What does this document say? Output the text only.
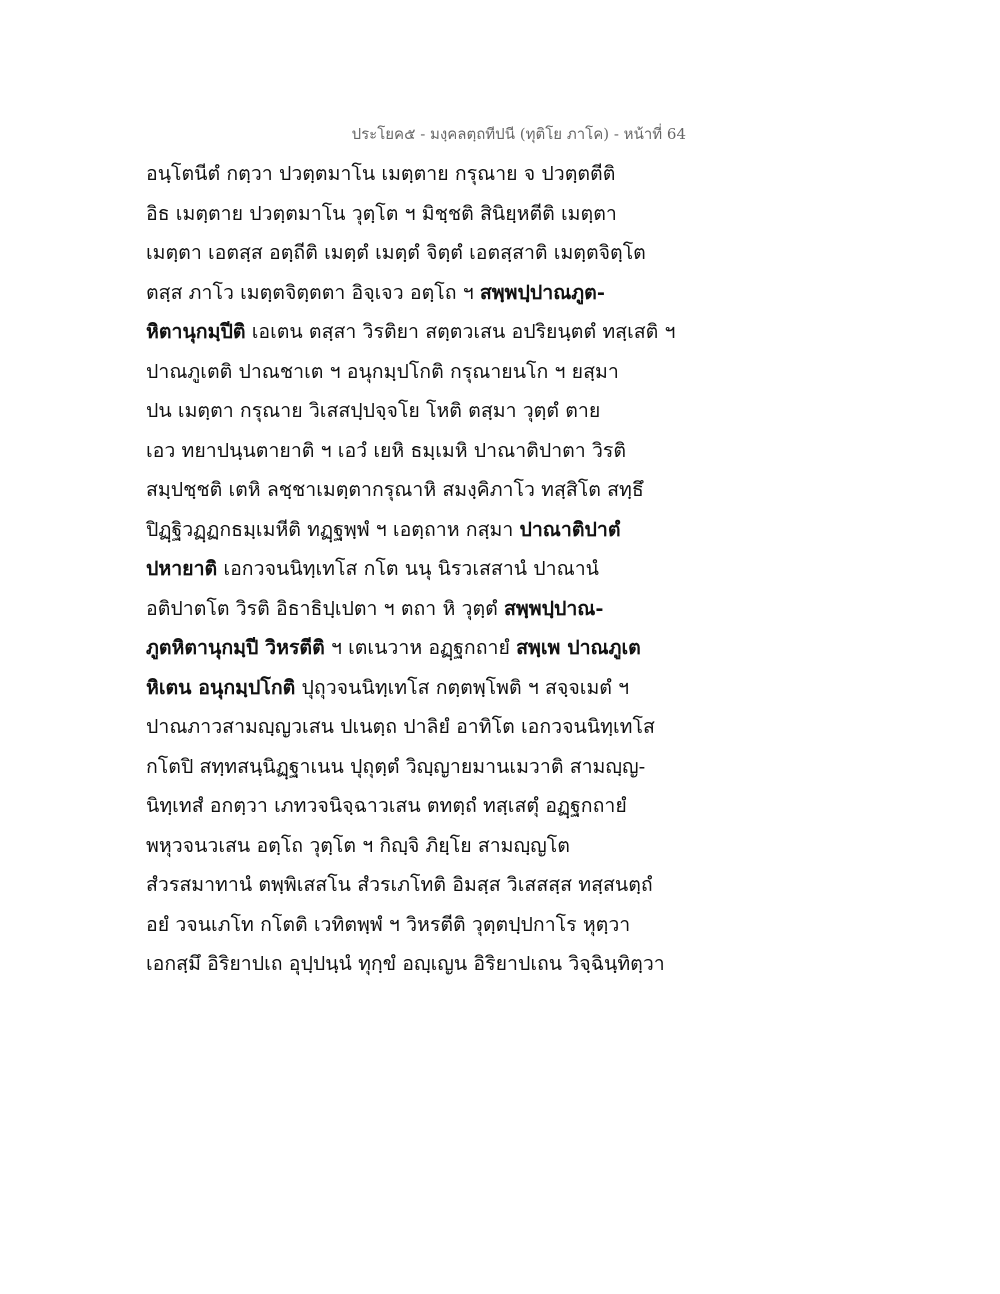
ประโยค๕ - มงฺคลตฺถทีปนี (ทุติโย ภาโค) - หน้าที่ 64
อนฺโตนีตํ กตฺวา ปวตฺตมาโน เมตฺตาย กรุณาย จ ปวตฺตตีติ
อิธ เมตฺตาย ปวตฺตมาโน วุตฺโต ฯ มิชฺชติ สินิยฺหตีติ เมตฺตา
เมตฺตา เอตสฺส อตฺถีติ เมตฺตํ เมตฺตํ จิตฺตํ เอตสฺสาติ เมตฺตจิตฺโต
ตสฺส ภาโว เมตฺตจิตฺตตา อิจฺเจว อตฺโถ ฯ สพฺพปฺปาณภูต-
หิตานุกมฺปีติ เอเตน ตสฺสา วิรติยา สตฺตวเสน อปริยนฺตตํ ทสฺเสติ ฯ
ปาณภูเตติ ปาณชาเต ฯ อนุกมฺปโกติ กรุณายนโก ฯ ยสฺมา
ปน เมตฺตา กรุณาย วิเสสปฺปจฺจโย โหติ ตสฺมา วุตฺตํ ตาย
เอว ทยาปนฺนตายาติ ฯ เอวํ เยหิ ธมฺเมหิ ปาณาติปาตา วิรติ
สมฺปชฺชติ เตหิ ลชฺชาเมตฺตากรุณาหิ สมงฺคิภาโว ทสฺสิโต สทฺธึ
ปิฏฺฐิวฏฺฏกธมฺเมหีติ ทฏฺฐพฺพํ ฯ เอตฺถาห กสฺมา ปาณาติปาตํ
ปหายาติ เอกวจนนิทฺเทโส กโต นนุ นิรวเสสานํ ปาณานํ
อติปาตโต วิรติ อิธาธิปฺเปตา ฯ ตถา หิ วุตฺตํ สพฺพปฺปาณ-
ภูตหิตานุกมฺปี วิหรตีติ ฯ เตเนวาห อฏฺฐกถายํ สพฺเพ ปาณภูเต
หิเตน อนุกมฺปโกติ ปุถุวจนนิทฺเทโส กตฺตพฺโพติ ฯ สจฺจเมตํ ฯ
ปาณภาวสามญฺญวเสน ปเนตฺถ ปาลิยํ อาทิโต เอกวจนนิทฺเทโส
กโตปิ สทฺทสนฺนิฏฺฐาเนน ปุถุตฺตํ วิญฺญายมานเมวาติ สามญฺญ-
นิทฺเทสํ อกตฺวา เภทวจนิจฺฉาวเสน ตทตฺถํ ทสฺเสตุํ อฏฺฐกถายํ
พหุวจนวเสน อตฺโถ วุตฺโต ฯ กิญฺจิ ภิยฺโย สามญฺญโต
สํวรสมาทานํ ตพฺพิเสสโน สํวรเภโทติ อิมสฺส วิเสสสฺส ทสฺสนตฺถํ
อยํ วจนเภโท กโตติ เวทิตพฺพํ ฯ วิหรตีติ วุตฺตปฺปกาโร หุตฺวา
เอกสฺมึ อิริยาปเถ อุปฺปนฺนํ ทุกฺขํ อญฺเญน อิริยาปเถน วิจฺฉินฺทิตฺวา
